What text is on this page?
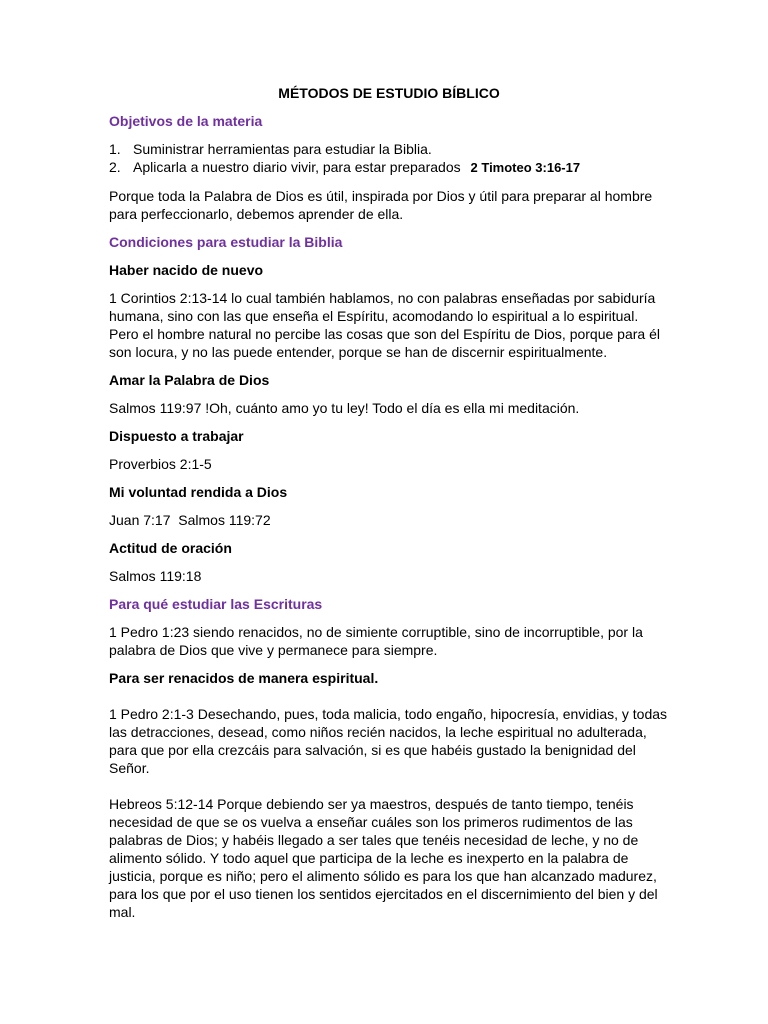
MÉTODOS DE ESTUDIO BÍBLICO
Objetivos de la materia
1. Suministrar herramientas para estudiar la Biblia.
2. Aplicarla a nuestro diario vivir, para estar preparados 2 Timoteo 3:16-17

Porque toda la Palabra de Dios es útil, inspirada por Dios y útil para preparar al hombre para perfeccionarlo, debemos aprender de ella.

Condiciones para estudiar la Biblia
Haber nacido de nuevo

1 Corintios 2:13-14 lo cual también hablamos, no con palabras enseñadas por sabiduría humana, sino con las que enseña el Espíritu, acomodando lo espiritual a lo espiritual. Pero el hombre natural no percibe las cosas que son del Espíritu de Dios, porque para él son locura, y no las puede entender, porque se han de discernir espiritualmente.

Amar la Palabra de Dios

Salmos 119:97 !Oh, cuánto amo yo tu ley! Todo el día es ella mi meditación.

Dispuesto a trabajar

Proverbios 2:1-5

Mi voluntad rendida a Dios

Juan 7:17  Salmos 119:72

Actitud de oración

Salmos 119:18

Para qué estudiar las Escrituras

1 Pedro 1:23 siendo renacidos, no de simiente corruptible, sino de incorruptible, por la palabra de Dios que vive y permanece para siempre.

Para ser renacidos de manera espiritual.

1 Pedro 2:1-3 Desechando, pues, toda malicia, todo engaño, hipocresía, envidias, y todas las detracciones, desead, como niños recién nacidos, la leche espiritual no adulterada, para que por ella crezcáis para salvación, si es que habéis gustado la benignidad del Señor.

Hebreos 5:12-14 Porque debiendo ser ya maestros, después de tanto tiempo, tenéis necesidad de que se os vuelva a enseñar cuáles son los primeros rudimentos de las palabras de Dios; y habéis llegado a ser tales que tenéis necesidad de leche, y no de alimento sólido. Y todo aquel que participa de la leche es inexperto en la palabra de justicia, porque es niño; pero el alimento sólido es para los que han alcanzado madurez, para los que por el uso tienen los sentidos ejercitados en el discernimiento del bien y del mal.
